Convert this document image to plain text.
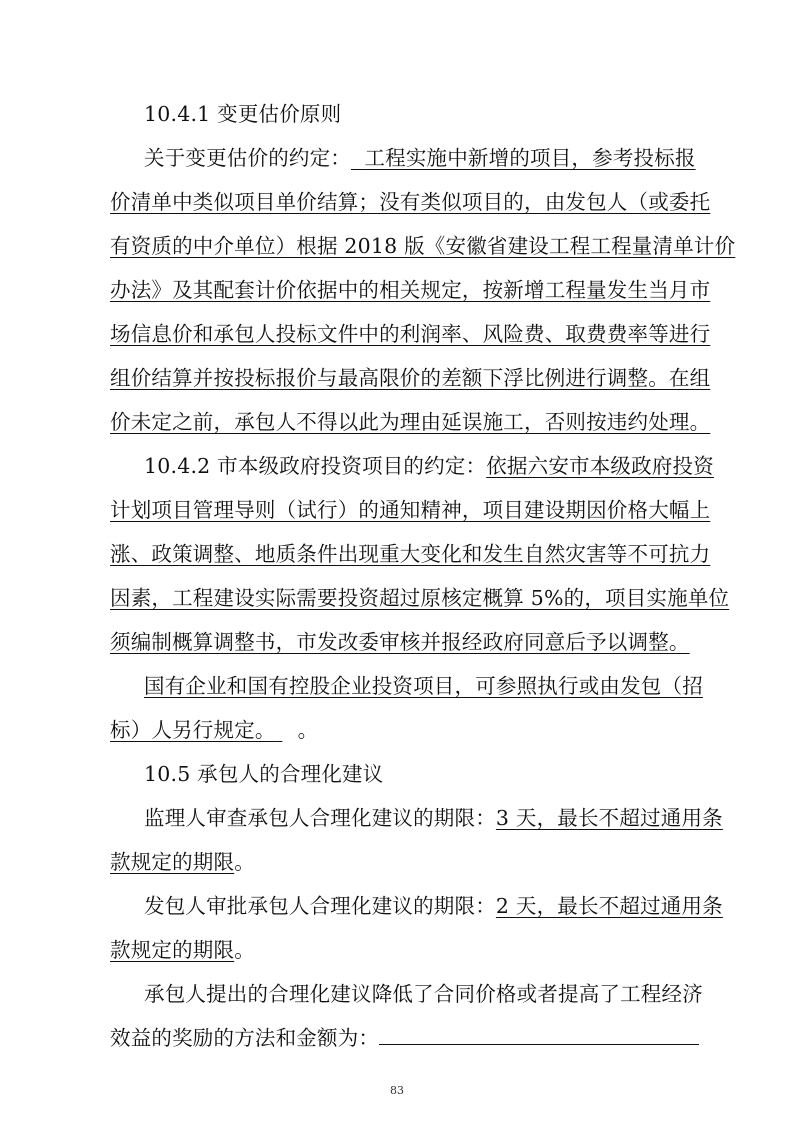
10.4.1 变更估价原则
关于变更估价的约定： 工程实施中新增的项目，参考投标报
价清单中类似项目单价结算；没有类似项目的，由发包人（或委托
有资质的中介单位）根据 2018 版《安徽省建设工程工程量清单计价
办法》及其配套计价依据中的相关规定，按新增工程量发生当月市
场信息价和承包人投标文件中的利润率、风险费、取费费率等进行
组价结算并按投标报价与最高限价的差额下浮比例进行调整。在组
价未定之前，承包人不得以此为理由延误施工，否则按违约处理。
10.4.2 市本级政府投资项目的约定：依据六安市本级政府投资
计划项目管理导则（试行）的通知精神，项目建设期因价格大幅上
涨、政策调整、地质条件出现重大变化和发生自然灾害等不可抗力
因素，工程建设实际需要投资超过原核定概算 5%的，项目实施单位
须编制概算调整书，市发改委审核并报经政府同意后予以调整。
国有企业和国有控股企业投资项目，可参照执行或由发包（招
标）人另行规定。 。
10.5 承包人的合理化建议
监理人审查承包人合理化建议的期限：3 天，最长不超过通用条
款规定的期限。
发包人审批承包人合理化建议的期限：2 天，最长不超过通用条
款规定的期限。
承包人提出的合理化建议降低了合同价格或者提高了工程经济
效益的奖励的方法和金额为：
83
